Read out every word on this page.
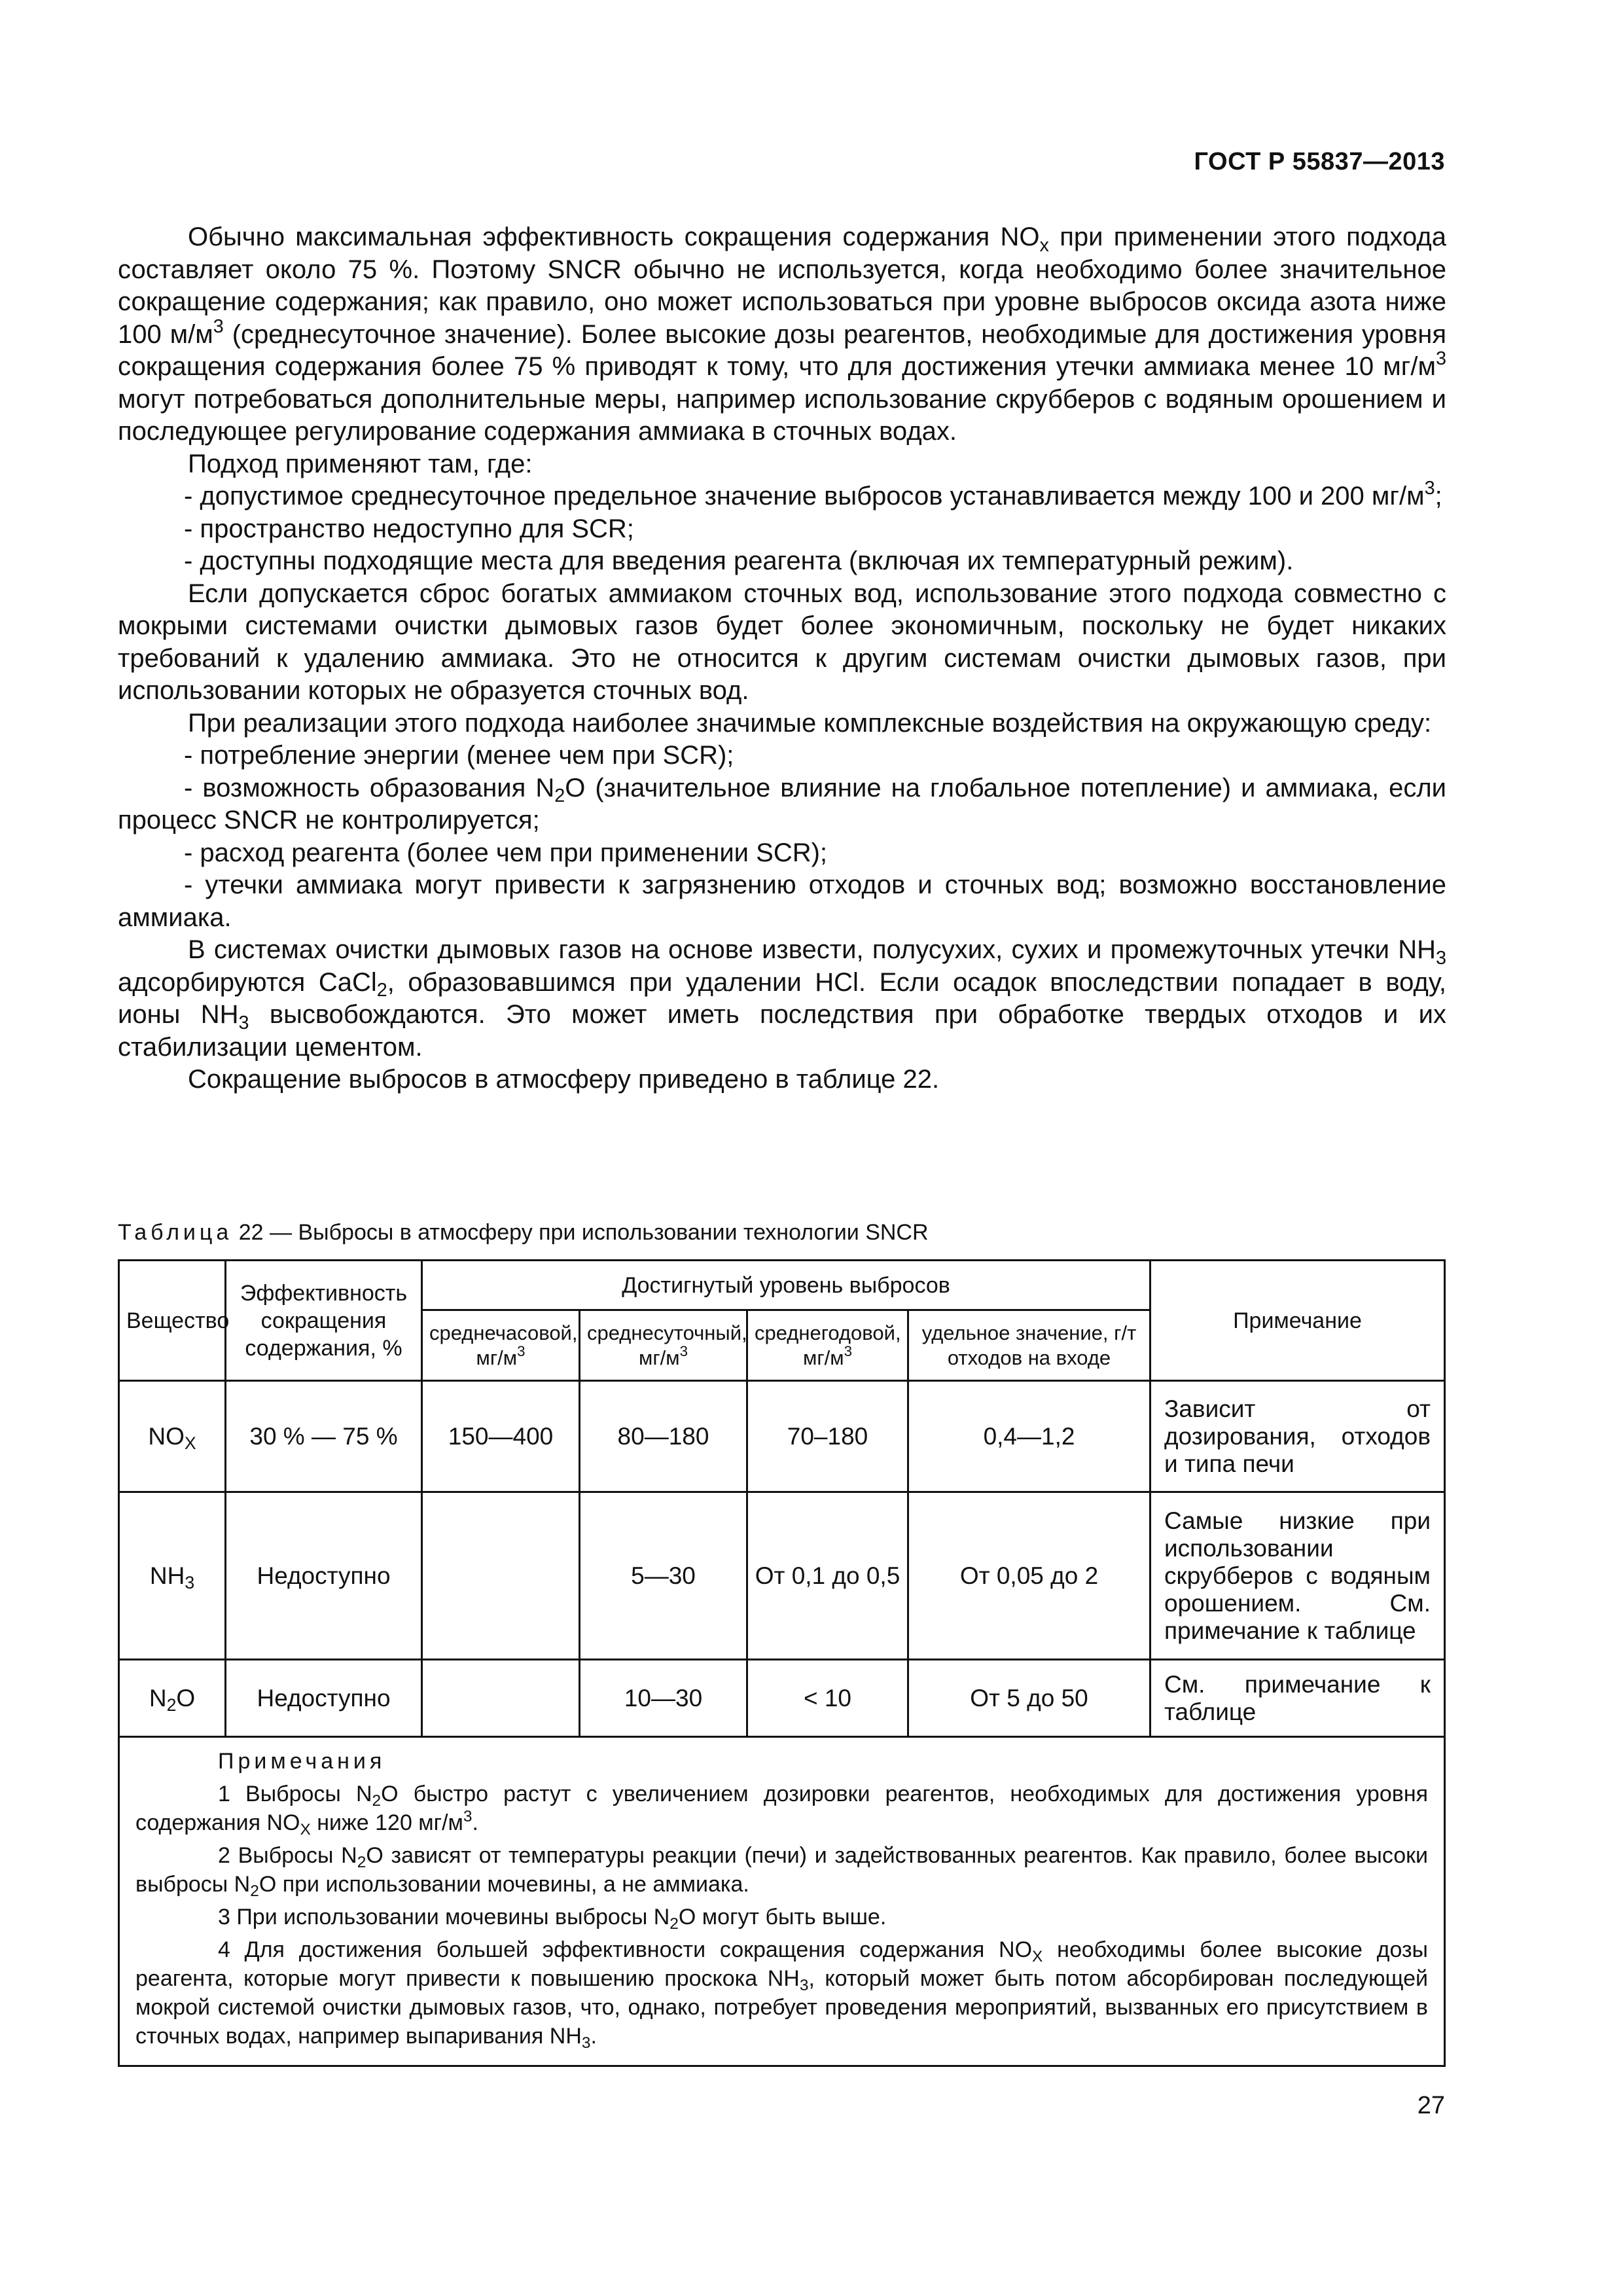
ГОСТ Р 55837—2013

Обычно максимальная эффективность сокращения содержания $NO_x$ при применении этого подхода составляет около 75 %. Поэтому SNCR обычно не используется, когда необходимо более значительное сокращение содержания; как правило, оно может использоваться при уровне выбросов оксида азота ниже 100 $м/м^3$ (среднесуточное значение). Более высокие дозы реагентов, необходимые для достижения уровня сокращения содержания более 75 % приводят к тому, что для достижения утечки аммиака менее 10 $мг/м^3$ могут потребоваться дополнительные меры, например использование скрубберов с водяным орошением и последующее регулирование содержания аммиака в сточных водах.

Подход применяют там, где:

- допустимое среднесуточное предельное значение выбросов устанавливается между 100 и 200 $мг/м^3$;

- пространство недоступно для SCR;

- доступны подходящие места для введения реагента (включая их температурный режим).

Если допускается сброс богатых аммиаком сточных вод, использование этого подхода совместно с мокрыми системами очистки дымовых газов будет более экономичным, поскольку не будет никаких требований к удалению аммиака. Это не относится к другим системам очистки дымовых газов, при использовании которых не образуется сточных вод.

При реализации этого подхода наиболее значимые комплексные воздействия на окружающую среду:

- потребление энергии (менее чем при SCR);

- возможность образования $N_2O$ (значительное влияние на глобальное потепление) и аммиака, если процесс SNCR не контролируется;

- расход реагента (более чем при применении SCR);

- утечки аммиака могут привести к загрязнению отходов и сточных вод; возможно восстановление аммиака.

В системах очистки дымовых газов на основе извести, полусухих, сухих и промежуточных утечки $NH_3$ адсорбируются CaCl$_2$, образовавшимся при удалении HCl. Если осадок впоследствии попадает в воду, ионы $NH_3$ высвобождаются. Это может иметь последствия при обработке твердых отходов и их стабилизации цементом.

Сокращение выбросов в атмосферу приведено в таблице 22.

Таблица 22 — Выбросы в атмосферу при использовании технологии SNCR
Вещество	Эффективность сокращения содержания, %	Достигнутый уровень выбросов				Примечание
		среднечасовой, $мг/м^3$	среднесуточный, $мг/м^3$	среднегодовой, $мг/м^3$	удельное значение, г/т отходов на входе	
$NO_X$	30 % — 75 %	150—400	80—180	70–180	0,4—1,2	Зависит от дозирования, отходов и типа печи
$NH_3$	Недоступно		5—30	От 0,1 до 0,5	От 0,05 до 2	Самые низкие при использовании скрубберов с водяным орошением. См. примечание к таблице
$N_2O$	Недоступно		10—30	< 10	От 5 до 50	См. примечание к таблице

Примечания

1 Выбросы $N_2O$ быстро растут с увеличением дозировки реагентов, необходимых для достижения уровня содержания $NO_X$ ниже 120 $мг/м^3$.

2 Выбросы $N_2O$ зависят от температуры реакции (печи) и задействованных реагентов. Как правило, более высоки выбросы $N_2O$ при использовании мочевины, а не аммиака.

3 При использовании мочевины выбросы $N_2O$ могут быть выше.

4 Для достижения большей эффективности сокращения содержания $NO_X$ необходимы более высокие дозы реагента, которые могут привести к повышению проскока $NH_3$, который может быть потом абсорбирован последующей мокрой системой очистки дымовых газов, что, однако, потребует проведения мероприятий, вызванных его присутствием в сточных водах, например выпаривания $NH_3$.						

27
